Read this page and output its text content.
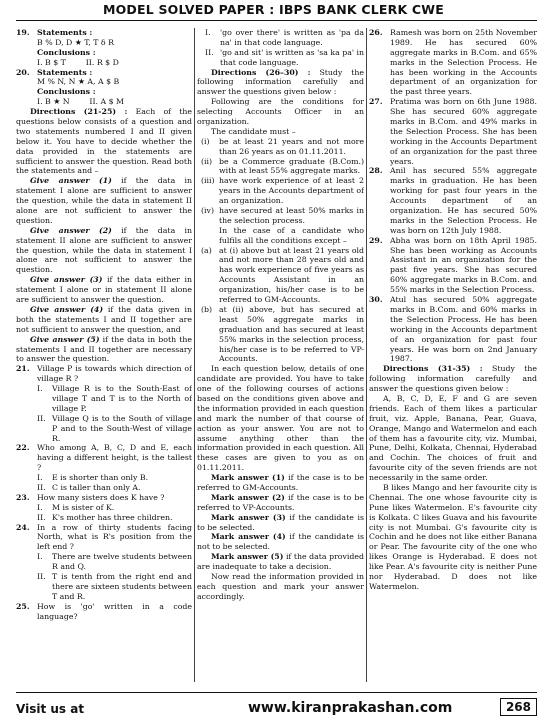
MODEL SOLVED PAPER : IBPS BANK CLERK CWE
19. Statements :
B % D, D ★ T, T δ R
Conclusions :
I. B $ T	II. R $ D
20. Statements :
M % N, N ★ A, A $ B
Conclusions :
I. B ★ N	II. A $ M
Directions (21-25) : Each of the questions below consists of a question and two statements numbered I and II given below it. You have to decide whether the data provided in the statements are sufficient to answer the question. Read both the statements and –
Give answer (1) if the data in statement I alone are sufficient to answer the question, while the data in statement II alone are not sufficient to answer the question.
Give answer (2) if the data in statement II alone are sufficient to answer the question, while the data in statement I alone are not sufficient to answer the question.
Give answer (3) if the data either in statement I alone or in statement II alone are sufficient to answer the question.
Give answer (4) if the data given in both the statements I and II together are not sufficient to answer the question, and
Give answer (5) if the data in both the statements I and II together are necessary to answer the question.
21. Village P is towards which direction of village R ?
I.	Village R is to the South-East of village T and T is to the North of village P.
II. Village Q is to the South of village P and to the South-West of village R.
22. Who among A, B, C, D and E, each having a different height, is the tallest ?
I.	E is shorter than only B.
II. C is taller than only A.
23. How many sisters does K have ?
I.	M is sister of K.
II. K's mother has three children.
24. In a row of thirty students facing North, what is R's position from the left end ?
I.	There are twelve students between R and Q.
II. T is tenth from the right end and there are sixteen students between T and R.
25. How is 'go' written in a code language?
I.	'go over there' is written as 'pa da na' in that code language.
II. 'go and sit' is written as 'sa ka pa' in that code language.
Directions (26–30) : Study the following information carefully and answer the questions given below :
Following are the conditions for selecting Accounts Officer in an organization.
The candidate must –
(i)	be at least 21 years and not more than 26 years as on 01.11.2011.
(ii) be a Commerce graduate (B.Com.) with at least 55% aggregate marks.
(iii) have work experience of at least 2 years in the Accounts department of an organization.
(iv) have secured at least 50% marks in the selection process.
In the case of a candidate who fulfils all the conditions except –
(a) at (i) above but at least 21 years old and not more than 28 years old and has work experience of five years as Accounts Assistant in an organization, his/her case is to be referred to GM-Accounts.
(b) at (ii) above, but has secured at least 50% aggregate marks in graduation and has secured at least 55% marks in the selection process, his/her case is to be referred to VP-Accounts.
In each question below, details of one candidate are provided. You have to take one of the following courses of actions based on the conditions given above and the information provided in each question and mark the number of that course of action as your answer. You are not to assume anything other than the information provided in each question. All these cases are given to you as on 01.11.2011.
Mark answer (1) if the case is to be referred to GM-Accounts.
Mark answer (2) if the case is to be referred to VP-Accounts.
Mark answer (3) if the candidate is to be selected.
Mark answer (4) if the candidate is not to be selected.
Mark answer (5) if the data provided are inadequate to take a decision.
Now read the information provided in each question and mark your answer accordingly.
26. Ramesh was born on 25th November 1989. He has secured 60% aggregate marks in B.Com. and 65% marks in the Selection Process. He has been working in the Accounts department of an organization for the past three years.
27. Pratima was born on 6th June 1988. She has secured 60% aggregate marks in B.Com. and 49% marks in the Selection Process. She has been working in the Accounts Department of an organization for the past three years.
28. Anil has secured 55% aggregate marks in graduation. He has been working for past four years in the Accounts department of an organization. He has secured 50% marks in the Selection Process. He was born on 12th July 1988.
29. Abha was born on 18th April 1985. She has been working as Accounts Assistant in an organization for the past five years. She has secured 60% aggregate marks in B.Com. and 55% marks in the Selection Process.
30. Atul has secured 50% aggregate marks in B.Com. and 60% marks in the Selection Process. He has been working in the Accounts department of an organization for past four years. He was born on 2nd January 1987.
Directions (31-35) : Study the following information carefully and answer the questions given below :
A, B, C, D, E, F and G are seven friends. Each of them likes a particular fruit, viz. Apple, Banana, Pear, Guava, Orange, Mango and Watermelon and each of them has a favourite city, viz. Mumbai, Pune, Delhi, Kolkata, Chennai, Hyderabad and Cochin. The choices of fruit and favourite city of the seven friends are not necessarily in the same order.
B likes Mango and her favourite city is Chennai. The one whose favourite city is Pune likes Watermelon. E's favourite city is Kolkata. C likes Guava and his favourite city is not Mumbai. G's favourite city is Cochin and he does not like either Banana or Pear. The favourite city of the one who likes Orange is Hyderabad. E does not like Pear. A's favourite city is neither Pune nor Hyderabad. D does not like Watermelon.
Visit us at	www.kiranprakashan.com	268
